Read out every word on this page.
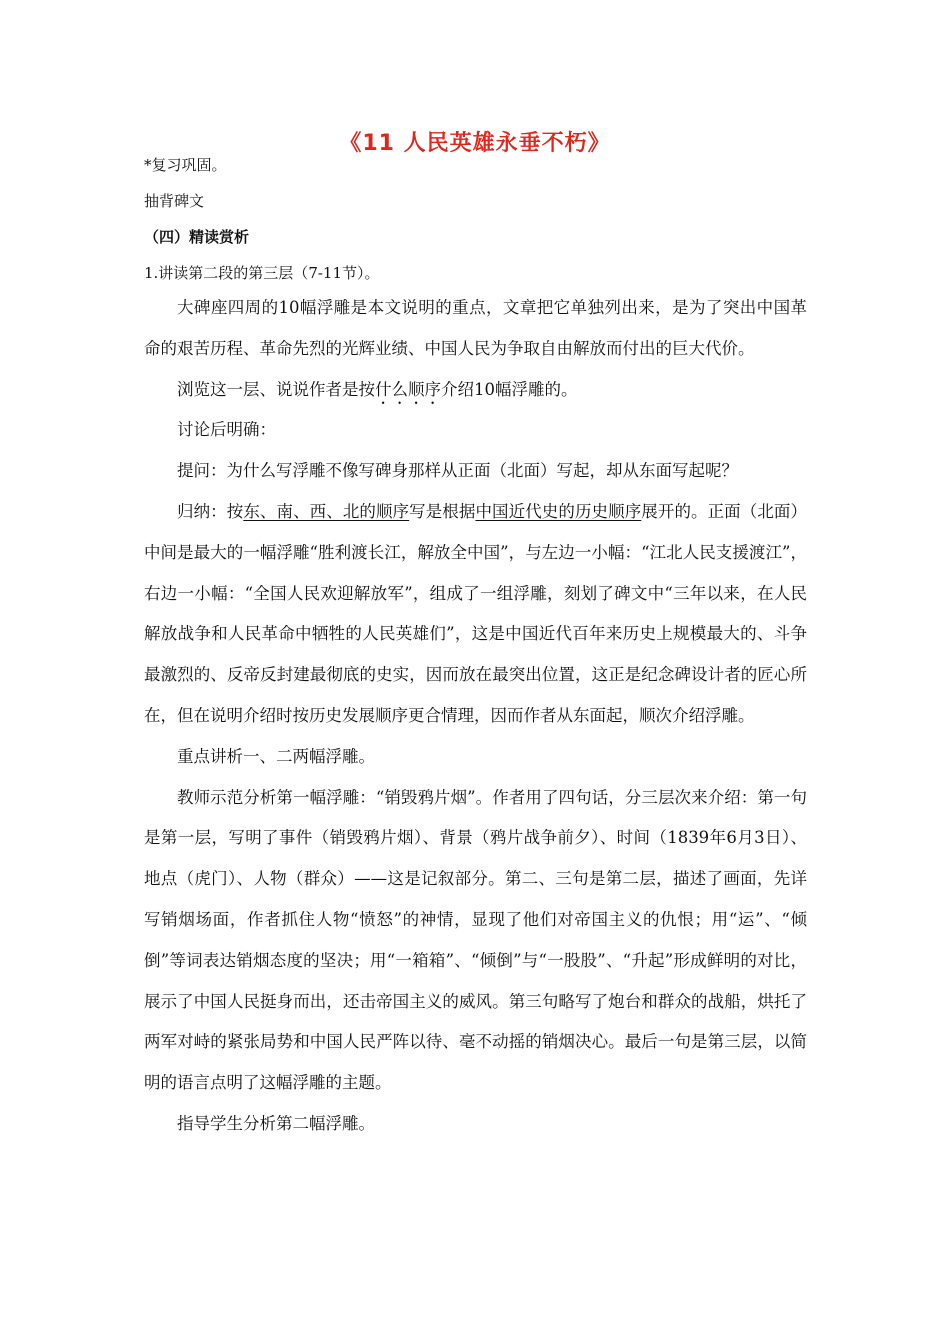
《11 人民英雄永垂不朽》
*复习巩固。
抽背碑文
（四）精读赏析
1.讲读第二段的第三层（7-11节）。

大碑座四周的10幅浮雕是本文说明的重点，文章把它单独列出来，是为了突出中国革命的艰苦历程、革命先烈的光辉业绩、中国人民为争取自由解放而付出的巨大代价。

浏览这一层、说说作者是按什么顺序介绍10幅浮雕的。

讨论后明确：

提问：为什么写浮雕不像写碑身那样从正面（北面）写起，却从东面写起呢？

归纳：按东、南、西、北的顺序写是根据中国近代史的历史顺序展开的。正面（北面）中间是最大的一幅浮雕“胜利渡长江，解放全中国”，与左边一小幅：“江北人民支援渡江”，右边一小幅：“全国人民欢迎解放军”，组成了一组浮雕，刻划了碑文中“三年以来，在人民解放战争和人民革命中牺牲的人民英雄们”，这是中国近代百年来历史上规模最大的、斗争最激烈的、反帝反封建最彻底的史实，因而放在最突出位置，这正是纪念碑设计者的匠心所在，但在说明介绍时按历史发展顺序更合情理，因而作者从东面起，顺次介绍浮雕。

重点讲析一、二两幅浮雕。

教师示范分析第一幅浮雕：“销毁鸦片烟”。作者用了四句话，分三层次来介绍：第一句是第一层，写明了事件（销毁鸦片烟）、背景（鸦片战争前夕）、时间（1839年6月3日）、地点（虎门）、人物（群众）——这是记叙部分。第二、三句是第二层，描述了画面，先详写销烟场面，作者抓住人物“愤怒”的神情，显现了他们对帝国主义的仇恨；用“运”、“倾倒”等词表达销烟态度的坚决；用“一箱箱”、“倾倒”与“一股股”、“升起”形成鲜明的对比，展示了中国人民挺身而出，还击帝国主义的威风。第三句略写了炮台和群众的战船，烘托了两军对峙的紧张局势和中国人民严阵以待、毫不动摇的销烟决心。最后一句是第三层，以简明的语言点明了这幅浮雕的主题。

指导学生分析第二幅浮雕。
